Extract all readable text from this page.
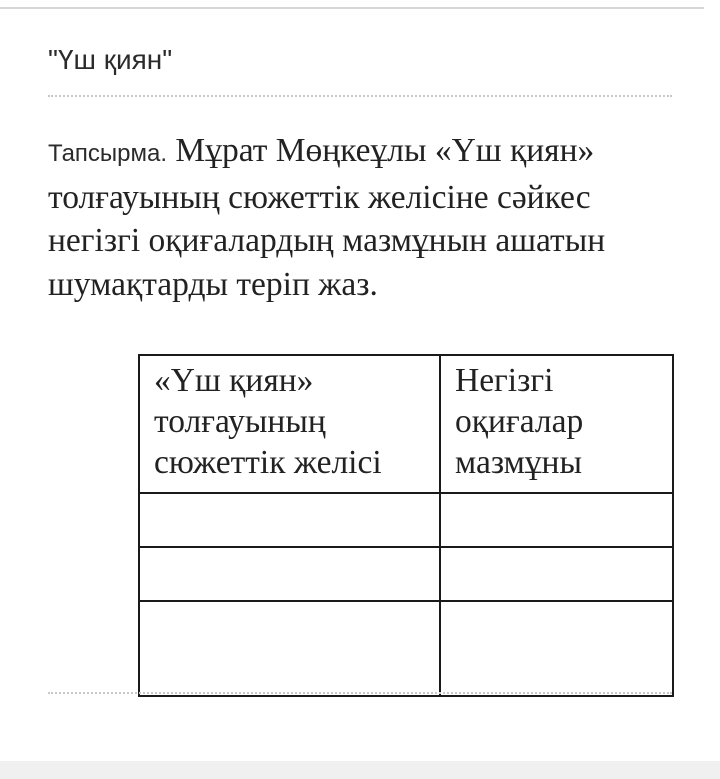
"Үш қиян"
Тапсырма. Мұрат Мөңкеұлы «Үш қиян» толғауының сюжеттік желісіне сәйкес негізгі оқиғалардың мазмұнын ашатын шумақтарды теріп жаз.
«Үш қиян» толғауының сюжеттік желісі	Негізгі оқиғалар мазмұны
